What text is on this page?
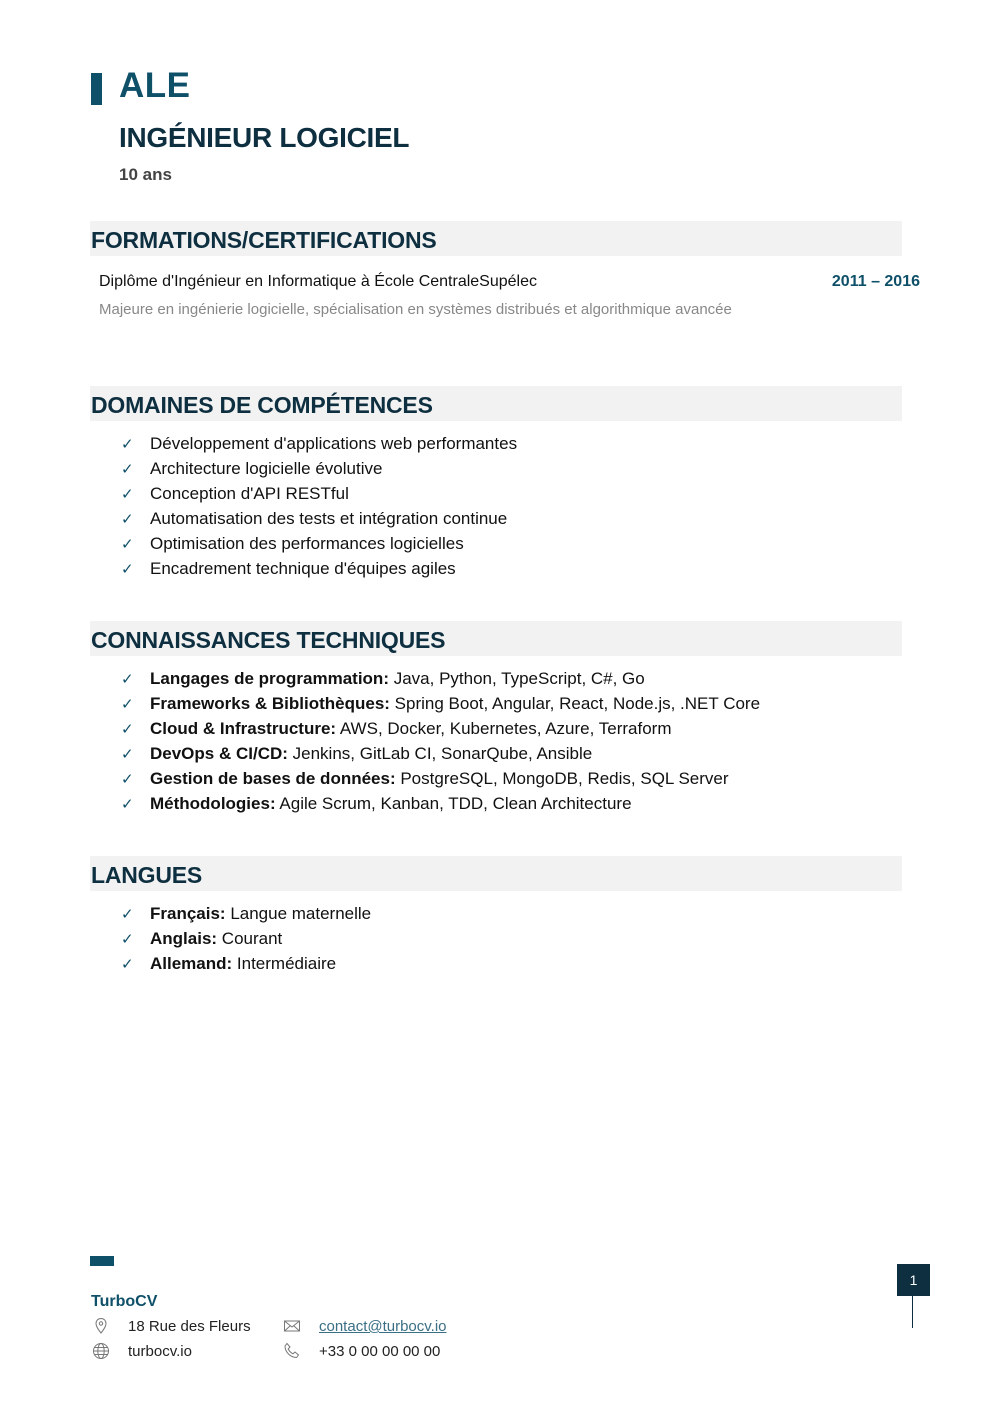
ALE
INGÉNIEUR LOGICIEL
10 ans
FORMATIONS/CERTIFICATIONS
Diplôme d'Ingénieur en Informatique à École CentraleSupélec	2011 – 2016
Majeure en ingénierie logicielle, spécialisation en systèmes distribués et algorithmique avancée
DOMAINES DE COMPÉTENCES
✓ Développement d'applications web performantes
✓ Architecture logicielle évolutive
✓ Conception d'API RESTful
✓ Automatisation des tests et intégration continue
✓ Optimisation des performances logicielles
✓ Encadrement technique d'équipes agiles
CONNAISSANCES TECHNIQUES
✓ Langages de programmation: Java, Python, TypeScript, C#, Go
✓ Frameworks & Bibliothèques: Spring Boot, Angular, React, Node.js, .NET Core
✓ Cloud & Infrastructure: AWS, Docker, Kubernetes, Azure, Terraform
✓ DevOps & CI/CD: Jenkins, GitLab CI, SonarQube, Ansible
✓ Gestion de bases de données: PostgreSQL, MongoDB, Redis, SQL Server
✓ Méthodologies: Agile Scrum, Kanban, TDD, Clean Architecture
LANGUES
✓ Français: Langue maternelle
✓ Anglais: Courant
✓ Allemand: Intermédiaire
TurboCV
18 Rue des Fleurs	contact@turbocv.io
turbocv.io	+33 0 00 00 00 00
1
